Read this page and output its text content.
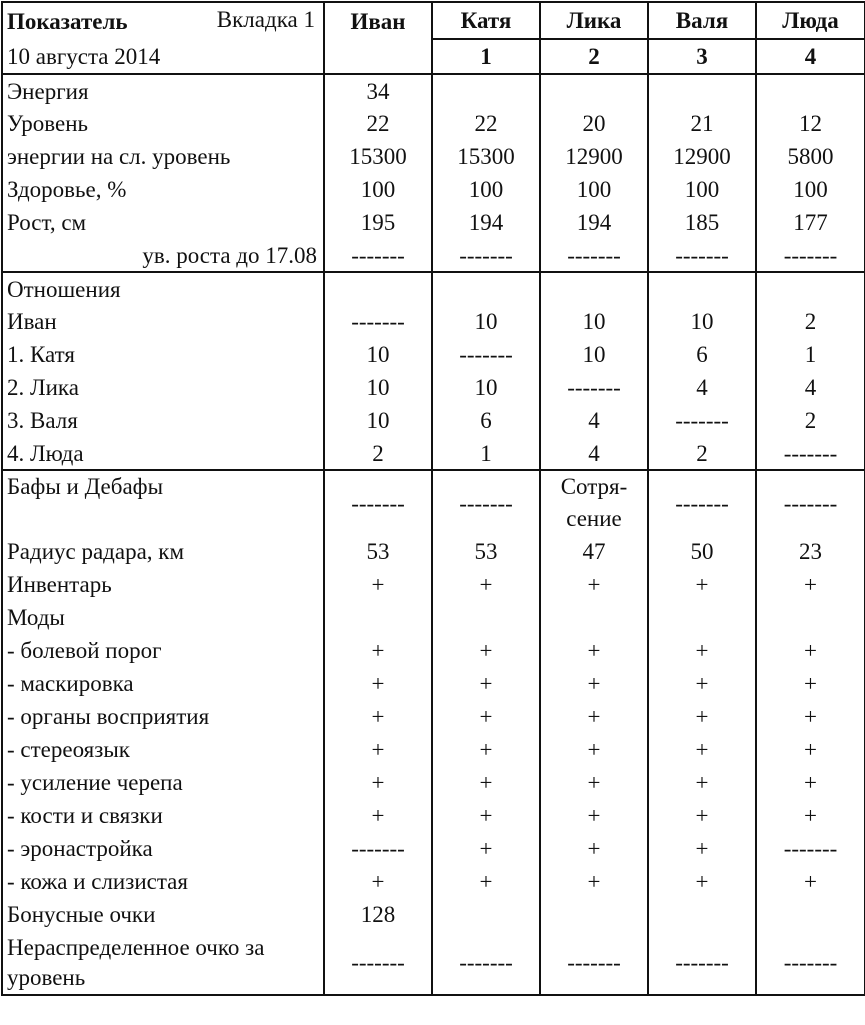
Показатель Вкладка 1	Иван	Катя	Лика	Валя	Люда
10 августа 2014		1	2	3	4
Энергия	34				
Уровень	22	22	20	21	12
энергии на сл. уровень	15300	15300	12900	12900	5800
Здоровье, %	100	100	100	100	100
Рост, см	195	194	194	185	177
ув. роста до 17.08	-------	-------	-------	-------	-------
Отношения					
Иван	-------	10	10	10	2
1. Катя	10	-------	10	6	1
2. Лика	10	10	-------	4	4
3. Валя	10	6	4	-------	2
4. Люда	2	1	4	2	-------
Бафы и Дебафы	-------	-------	Сотря-сение	-------	-------
Радиус радара, км	53	53	47	50	23
Инвентарь	+	+	+	+	+
Моды					
- болевой порог	+	+	+	+	+
- маскировка	+	+	+	+	+
- органы восприятия	+	+	+	+	+
- стереоязык	+	+	+	+	+
- усиление черепа	+	+	+	+	+
- кости и связки	+	+	+	+	+
- эронастройка	-------	+	+	+	-------
- кожа и слизистая	+	+	+	+	+
Бонусные очки	128				
Нераспределенное очко за уровень	-------	-------	-------	-------	-------
